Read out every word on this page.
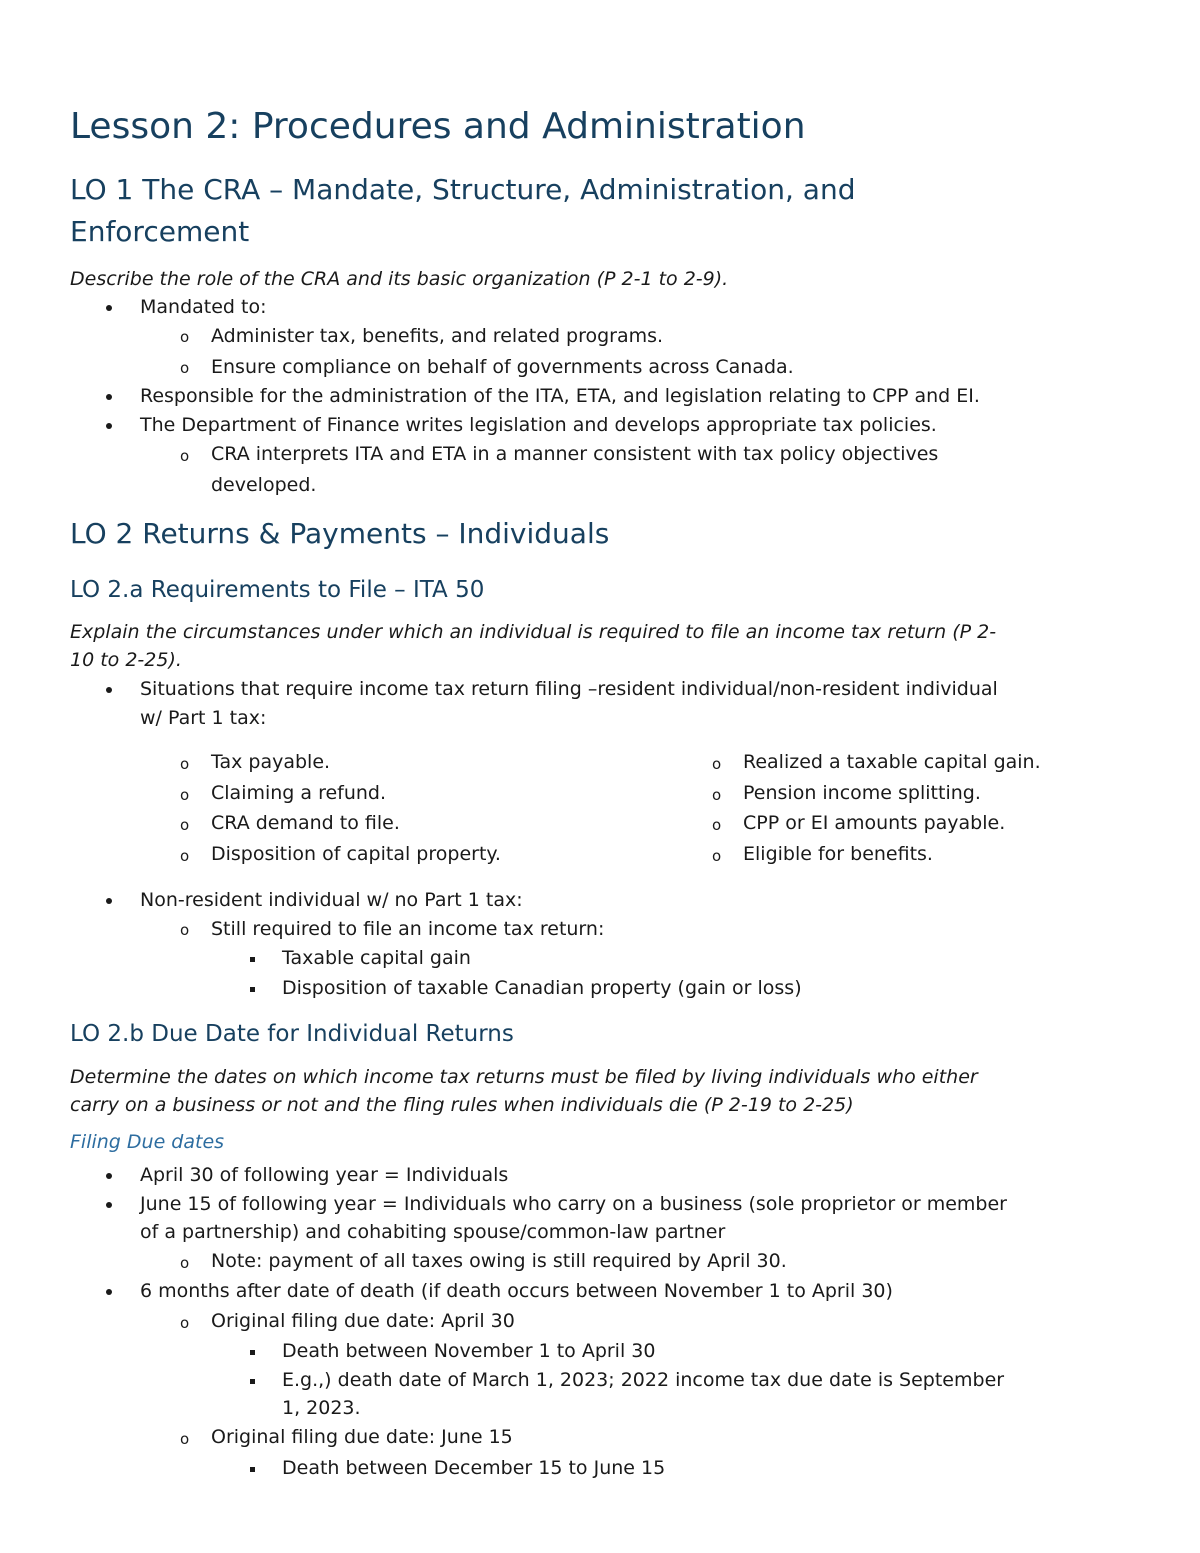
Lesson 2: Procedures and Administration
LO 1 The CRA – Mandate, Structure, Administration, and
Enforcement
Describe the role of the CRA and its basic organization (P 2-1 to 2-9).
Mandated to:
o Administer tax, benefits, and related programs.
o Ensure compliance on behalf of governments across Canada.
Responsible for the administration of the ITA, ETA, and legislation relating to CPP and EI.
The Department of Finance writes legislation and develops appropriate tax policies.
o CRA interprets ITA and ETA in a manner consistent with tax policy objectives
developed.
LO 2 Returns & Payments – Individuals
LO 2.a Requirements to File – ITA 50
Explain the circumstances under which an individual is required to file an income tax return (P 2-
10 to 2-25).
Situations that require income tax return filing –resident individual/non-resident individual
w/ Part 1 tax:
o Tax payable.
o Claiming a refund.
o CRA demand to file.
o Disposition of capital property.
o Realized a taxable capital gain.
o Pension income splitting.
o CPP or EI amounts payable.
o Eligible for benefits.
Non-resident individual w/ no Part 1 tax:
o Still required to file an income tax return:
Taxable capital gain
Disposition of taxable Canadian property (gain or loss)
LO 2.b Due Date for Individual Returns
Determine the dates on which income tax returns must be filed by living individuals who either
carry on a business or not and the fling rules when individuals die (P 2-19 to 2-25)
Filing Due dates
April 30 of following year = Individuals
June 15 of following year = Individuals who carry on a business (sole proprietor or member
of a partnership) and cohabiting spouse/common-law partner
o Note: payment of all taxes owing is still required by April 30.
6 months after date of death (if death occurs between November 1 to April 30)
o Original filing due date: April 30
Death between November 1 to April 30
E.g.,) death date of March 1, 2023; 2022 income tax due date is September
1, 2023.
o Original filing due date: June 15
Death between December 15 to June 15
